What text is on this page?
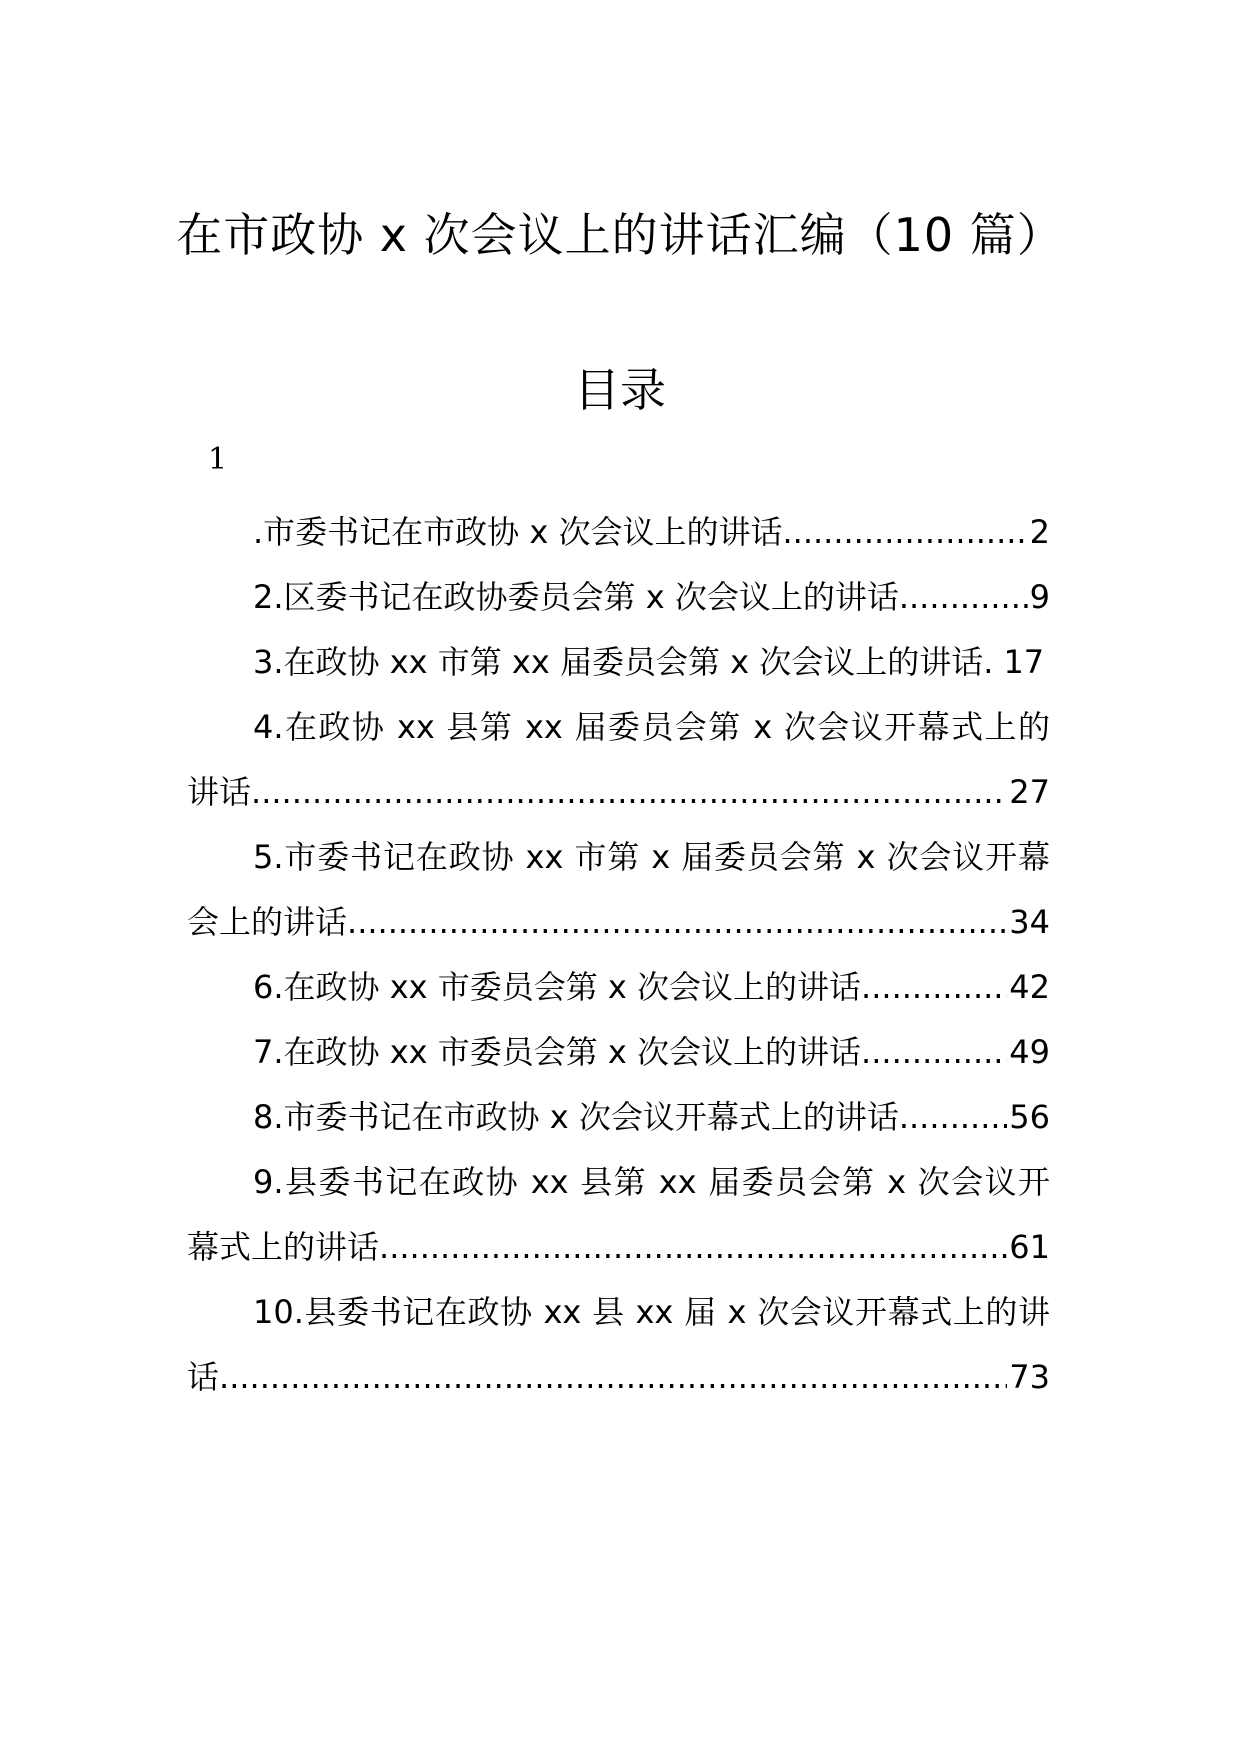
在市政协 x 次会议上的讲话汇编（10 篇）
目录
1
.市委书记在市政协 x 次会议上的讲话 .....	2
2.区委书记在政协委员会第 x 次会议上的讲话 .....	9
3.在政协 xx 市第 xx 届委员会第 x 次会议上的讲话. 17
4.在政协 xx 县第 xx 届委员会第 x 次会议开幕式上的
讲话 .....	27
5.市委书记在政协 xx 市第 x 届委员会第 x 次会议开幕
会上的讲话 .....	34
6.在政协 xx 市委员会第 x 次会议上的讲话 .....	42
7.在政协 xx 市委员会第 x 次会议上的讲话 .....	49
8.市委书记在市政协 x 次会议开幕式上的讲话 .....	56
9.县委书记在政协 xx 县第 xx 届委员会第 x 次会议开
幕式上的讲话 .....	61
10.县委书记在政协 xx 县 xx 届 x 次会议开幕式上的讲
话 .....	73
